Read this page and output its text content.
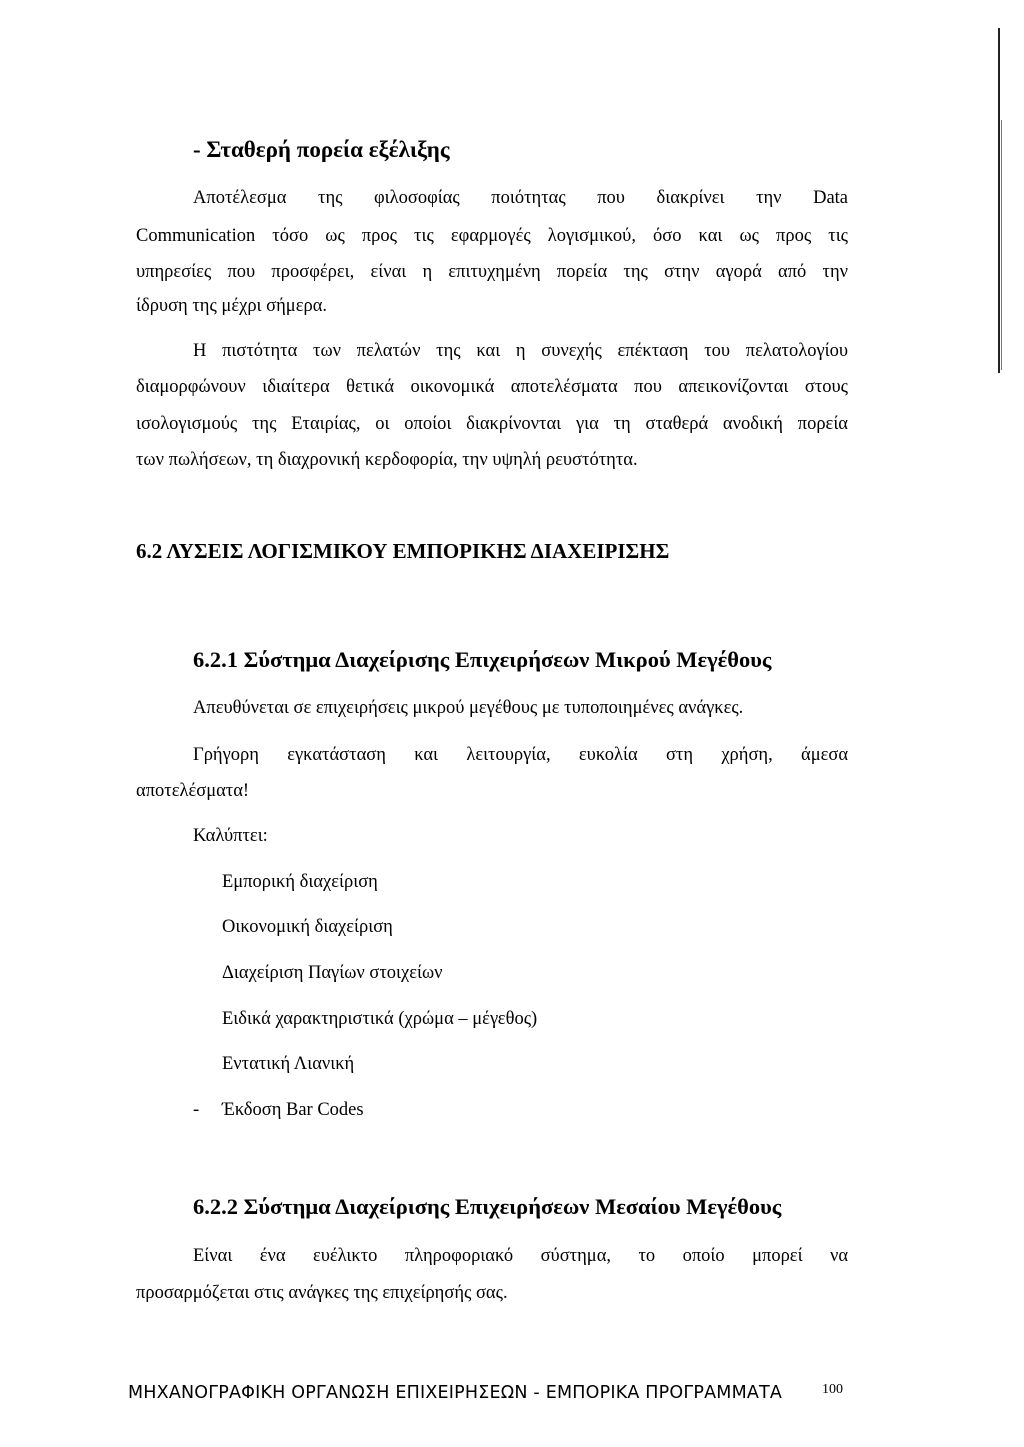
- Σταθερή πορεία εξέλιξης
Αποτέλεσμα της φιλοσοφίας ποιότητας που διακρίνει την Data
Communication τόσο ως προς τις εφαρμογές λογισμικού, όσο και ως προς τις
υπηρεσίες που προσφέρει, είναι η επιτυχημένη πορεία της στην αγορά από την
ίδρυση της μέχρι σήμερα.
Η πιστότητα των πελατών της και η συνεχής επέκταση του πελατολογίου
διαμορφώνουν ιδιαίτερα θετικά οικονομικά αποτελέσματα που απεικονίζονται στους
ισολογισμούς της Εταιρίας, οι οποίοι διακρίνονται για τη σταθερά ανοδική πορεία
των πωλήσεων, τη διαχρονική κερδοφορία, την υψηλή ρευστότητα.
6.2 ΛΥΣΕΙΣ ΛΟΓΙΣΜΙΚΟΥ ΕΜΠΟΡΙΚΗΣ ΔΙΑΧΕΙΡΙΣΗΣ
6.2.1 Σύστημα Διαχείρισης Επιχειρήσεων Μικρού Μεγέθους
Απευθύνεται σε επιχειρήσεις μικρού μεγέθους με τυποποιημένες ανάγκες.
Γρήγορη εγκατάσταση και λειτουργία, ευκολία στη χρήση, άμεσα
αποτελέσματα!
Καλύπτει:
Εμπορική διαχείριση
Οικονομική διαχείριση
Διαχείριση Παγίων στοιχείων
Ειδικά χαρακτηριστικά (χρώμα – μέγεθος)
Εντατική Λιανική
- Έκδοση Bar Codes
6.2.2 Σύστημα Διαχείρισης Επιχειρήσεων Μεσαίου Μεγέθους
Είναι ένα ευέλικτο πληροφοριακό σύστημα, το οποίο μπορεί να
προσαρμόζεται στις ανάγκες της επιχείρησής σας.
ΜΗΧΑΝΟΓΡΑΦΙΚΗ ΟΡΓΑΝΩΣΗ ΕΠΙΧΕΙΡΗΣΕΩΝ - ΕΜΠΟΡΙΚΑ ΠΡΟΓΡΑΜΜΑΤΑ	100
